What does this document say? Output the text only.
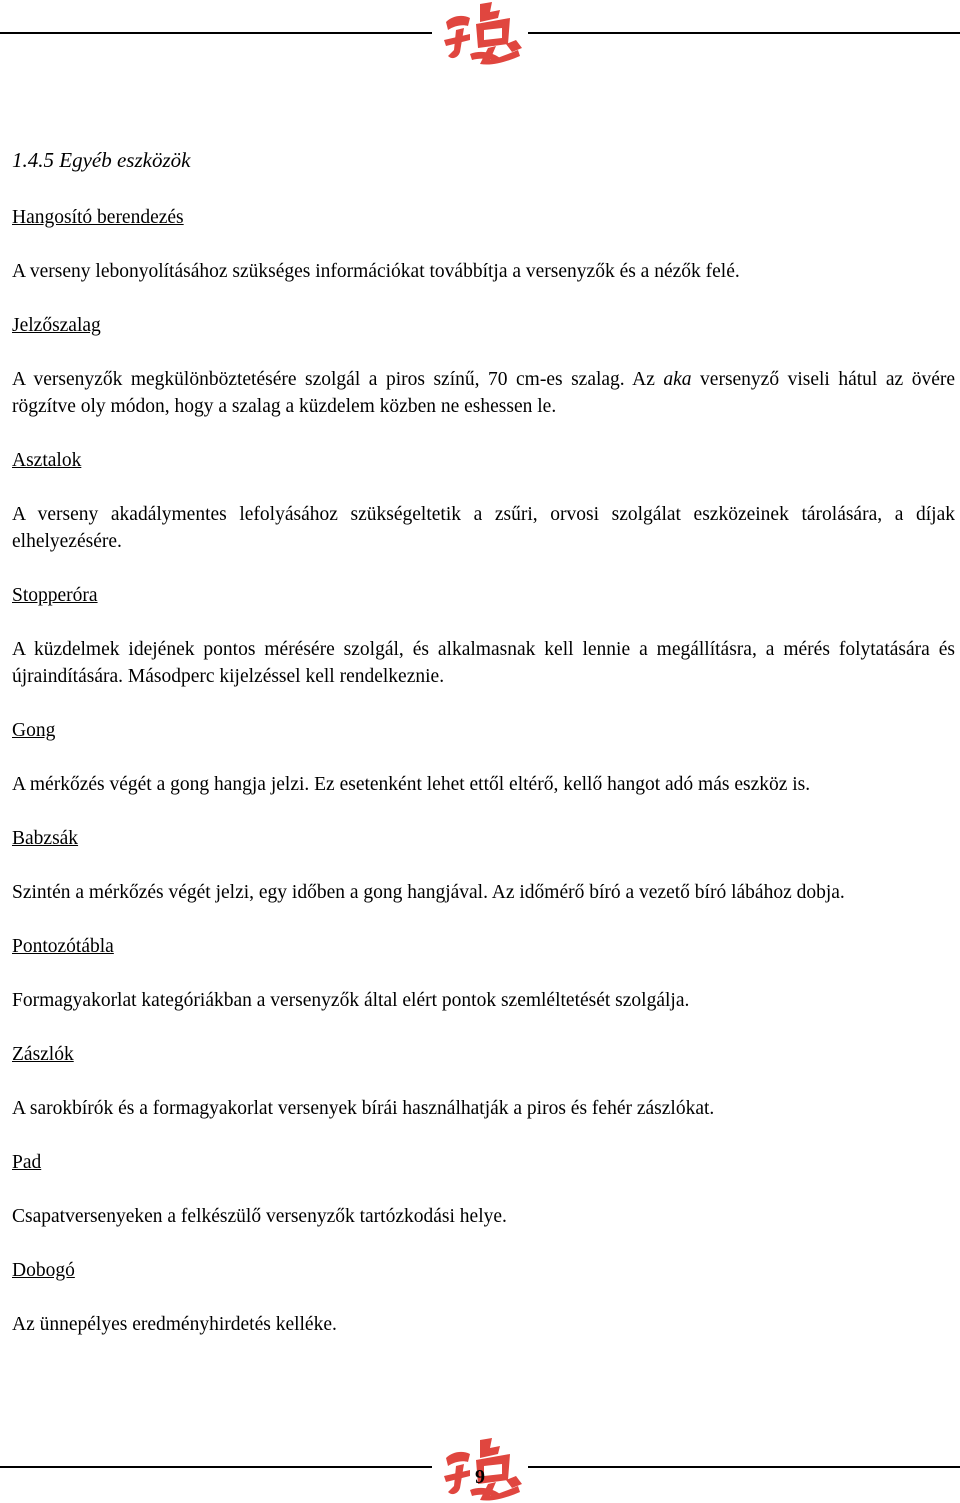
1.4.5 Egyéb eszközök
Hangosító berendezés
A verseny lebonyolításához szükséges információkat továbbítja a versenyzők és a nézők felé.
Jelzőszalag
A versenyzők megkülönböztetésére szolgál a piros színű, 70 cm-es szalag. Az aka versenyző viseli hátul az övére rögzítve oly módon, hogy a szalag a küzdelem közben ne eshessen le.
Asztalok
A verseny akadálymentes lefolyásához szükségeltetik a zsűri, orvosi szolgálat eszközeinek tárolására, a díjak elhelyezésére.
Stopperóra
A küzdelmek idejének pontos mérésére szolgál, és alkalmasnak kell lennie a megállításra, a mérés folytatására és újraindítására. Másodperc kijelzéssel kell rendelkeznie.
Gong
A mérkőzés végét a gong hangja jelzi. Ez esetenként lehet ettől eltérő, kellő hangot adó más eszköz is.
Babzsák
Szintén a mérkőzés végét jelzi, egy időben a gong hangjával. Az időmérő bíró a vezető bíró lábához dobja.
Pontozótábla
Formagyakorlat kategóriákban a versenyzők által elért pontok szemléltetését szolgálja.
Zászlók
A sarokbírók és a formagyakorlat versenyek bírái használhatják a piros és fehér zászlókat.
Pad
Csapatversenyeken a felkészülő versenyzők tartózkodási helye.
Dobogó
Az ünnepélyes eredményhirdetés kelléke.
9
